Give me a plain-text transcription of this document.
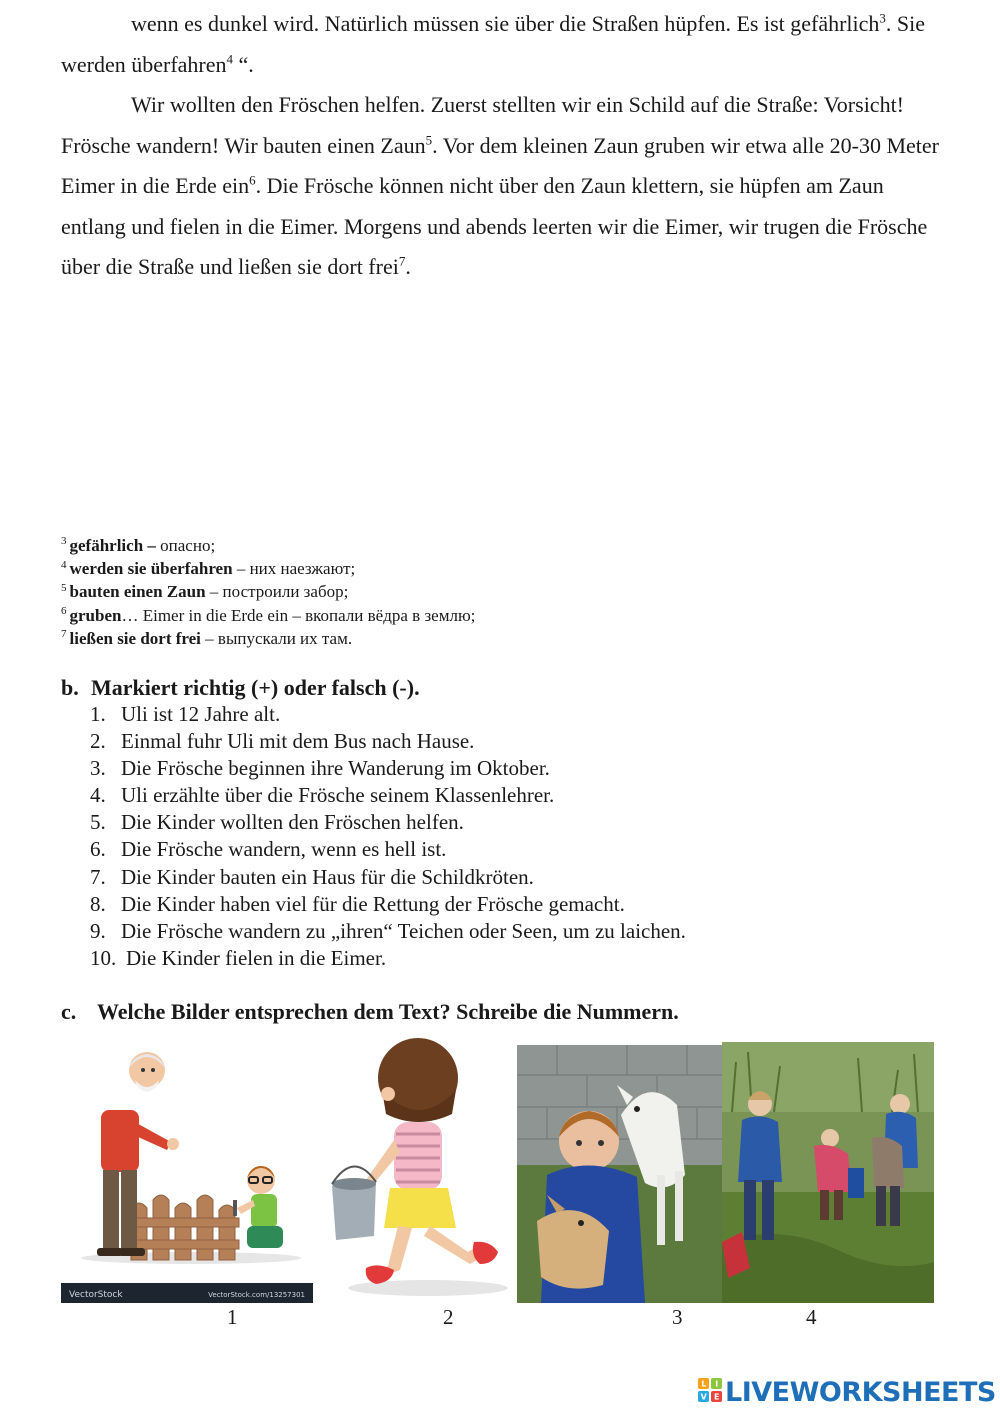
wenn es dunkel wird. Natürlich müssen sie über die Straßen hüpfen. Es ist gefährlich$^3$. Sie werden überfahren$^4$ “.

Wir wollten den Fröschen helfen. Zuerst stellten wir ein Schild auf die Straße: Vorsicht! Frösche wandern! Wir bauten einen Zaun$^5$. Vor dem kleinen Zaun gruben wir etwa alle 20-30 Meter Eimer in die Erde ein$^6$. Die Frösche können nicht über den Zaun klettern, sie hüpfen am Zaun entlang und fielen in die Eimer. Morgens und abends leerten wir die Eimer, wir trugen die Frösche über die Straße und ließen sie dort frei$^7$.

$^3$ gefährlich – опасно;
$^4$ werden sie überfahren – них наезжают;
$^5$ bauten einen Zaun – построили забор;
$^6$ gruben… Eimer in die Erde ein – вкопали вёдра в землю;
$^7$ ließen sie dort frei – выпускали их там.

b. Markiert richtig (+) oder falsch (-).

1. Uli ist 12 Jahre alt.
2. Einmal fuhr Uli mit dem Bus nach Hause.
3. Die Frösche beginnen ihre Wanderung im Oktober.
4. Uli erzählte über die Frösche seinem Klassenlehrer.
5. Die Kinder wollten den Fröschen helfen.
6. Die Frösche wandern, wenn es hell ist.
7. Die Kinder bauten ein Haus für die Schildkröten.
8. Die Kinder haben viel für die Rettung der Frösche gemacht.
9. Die Frösche wandern zu „ihren“ Teichen oder Seen, um zu laichen.
10. Die Kinder fielen in die Eimer.

c. Welche Bilder entsprechen dem Text? Schreibe die Nummern.

VectorStock	VectorStock.com/13257301
1	2	3	4
L I
V E LIVEWORKSHEETS
